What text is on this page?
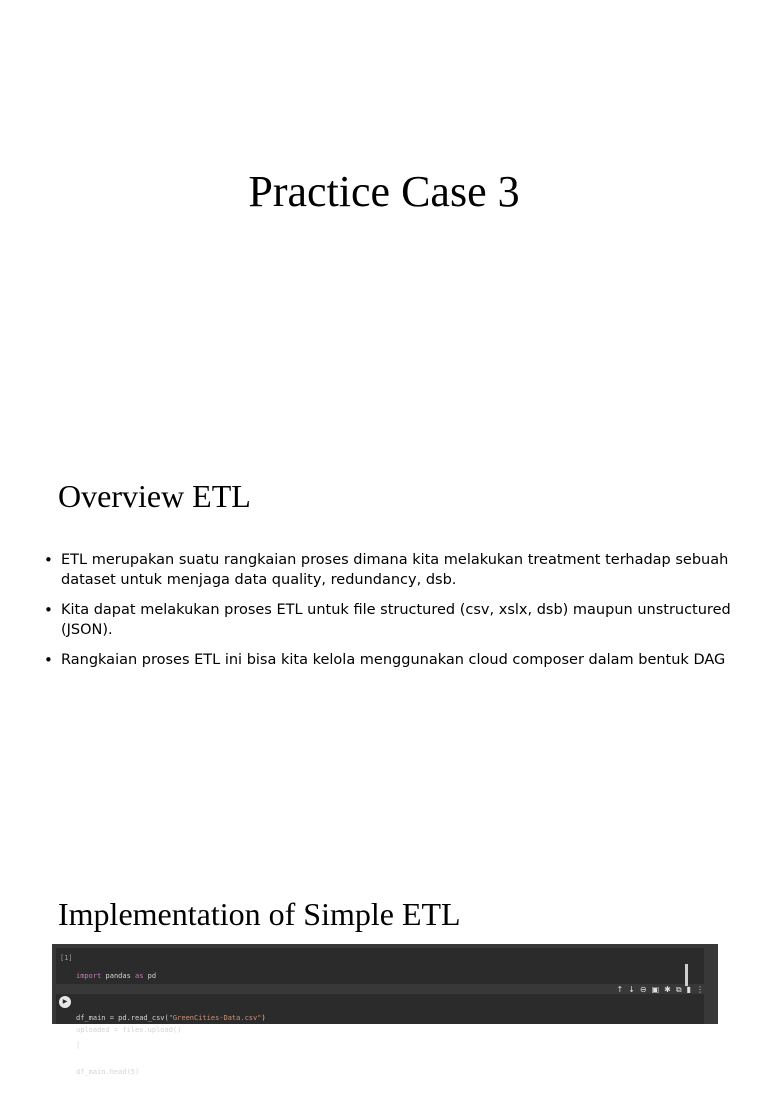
Practice Case 3
Overview ETL
• ETL merupakan suatu rangkaian proses dimana kita melakukan treatment terhadap sebuah dataset untuk menjaga data quality, redundancy, dsb.
• Kita dapat melakukan proses ETL untuk file structured (csv, xslx, dsb) maupun unstructured (JSON).
• Rangkaian proses ETL ini bisa kita kelola menggunakan cloud composer dalam bentuk DAG
Implementation of Simple ETL
[1]

import pandas as pd

uploaded = files.upload()

↑ ↓ ⊖ ▣ ✱ ⧉ ▮ ⋮
▶

df_main = pd.read_csv("GreenCities-Data.csv")

|

df_main.head(5)
